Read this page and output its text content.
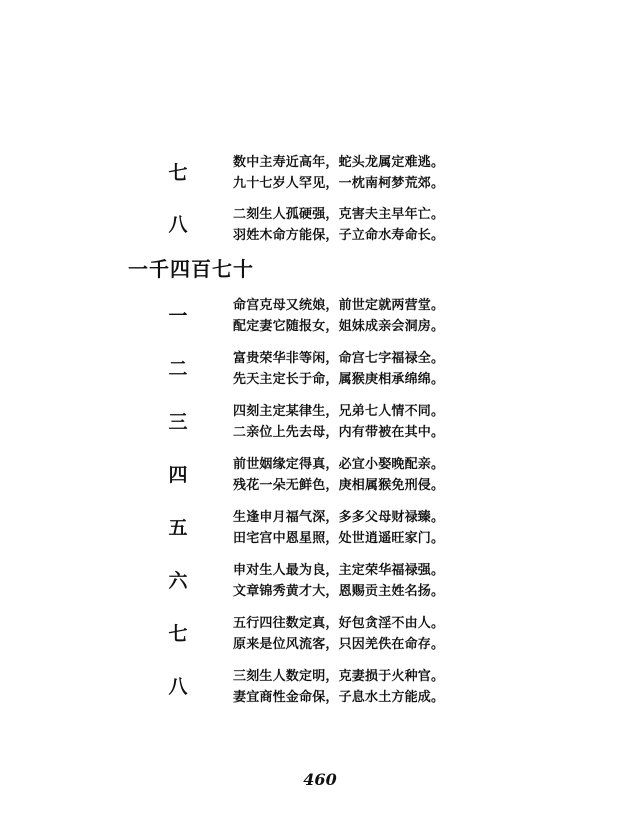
七	数中主寿近高年，蛇头龙属定难逃。
九十七岁人罕见，一枕南柯梦荒郊。
八	二刻生人孤硬强，克害夫主早年亡。
羽姓木命方能保，子立命水寿命长。
一千四百七十
一	命宫克母又统娘，前世定就两营堂。
配定妻它随报女，姐妹成亲会洞房。
二	富贵荣华非等闲，命宫七字福禄全。
先天主定长于命，属猴庚相承绵绵。
三	四刻主定某律生，兄弟七人情不同。
二亲位上先去母，内有带被在其中。
四	前世姻缘定得真，必宜小娶晚配亲。
残花一朵无鲜色，庚相属猴免刑侵。
五	生逢申月福气深，多多父母财禄臻。
田宅宫中恩星照，处世逍遥旺家门。
六	申对生人最为良，主定荣华福禄强。
文章锦秀黄才大，恩赐贡主姓名扬。
七	五行四往数定真，好包贪淫不由人。
原来是位风流客，只因羌佚在命存。
八	三刻生人数定明，克妻损于火种官。
妻宜商性金命保，子息水土方能成。
460
